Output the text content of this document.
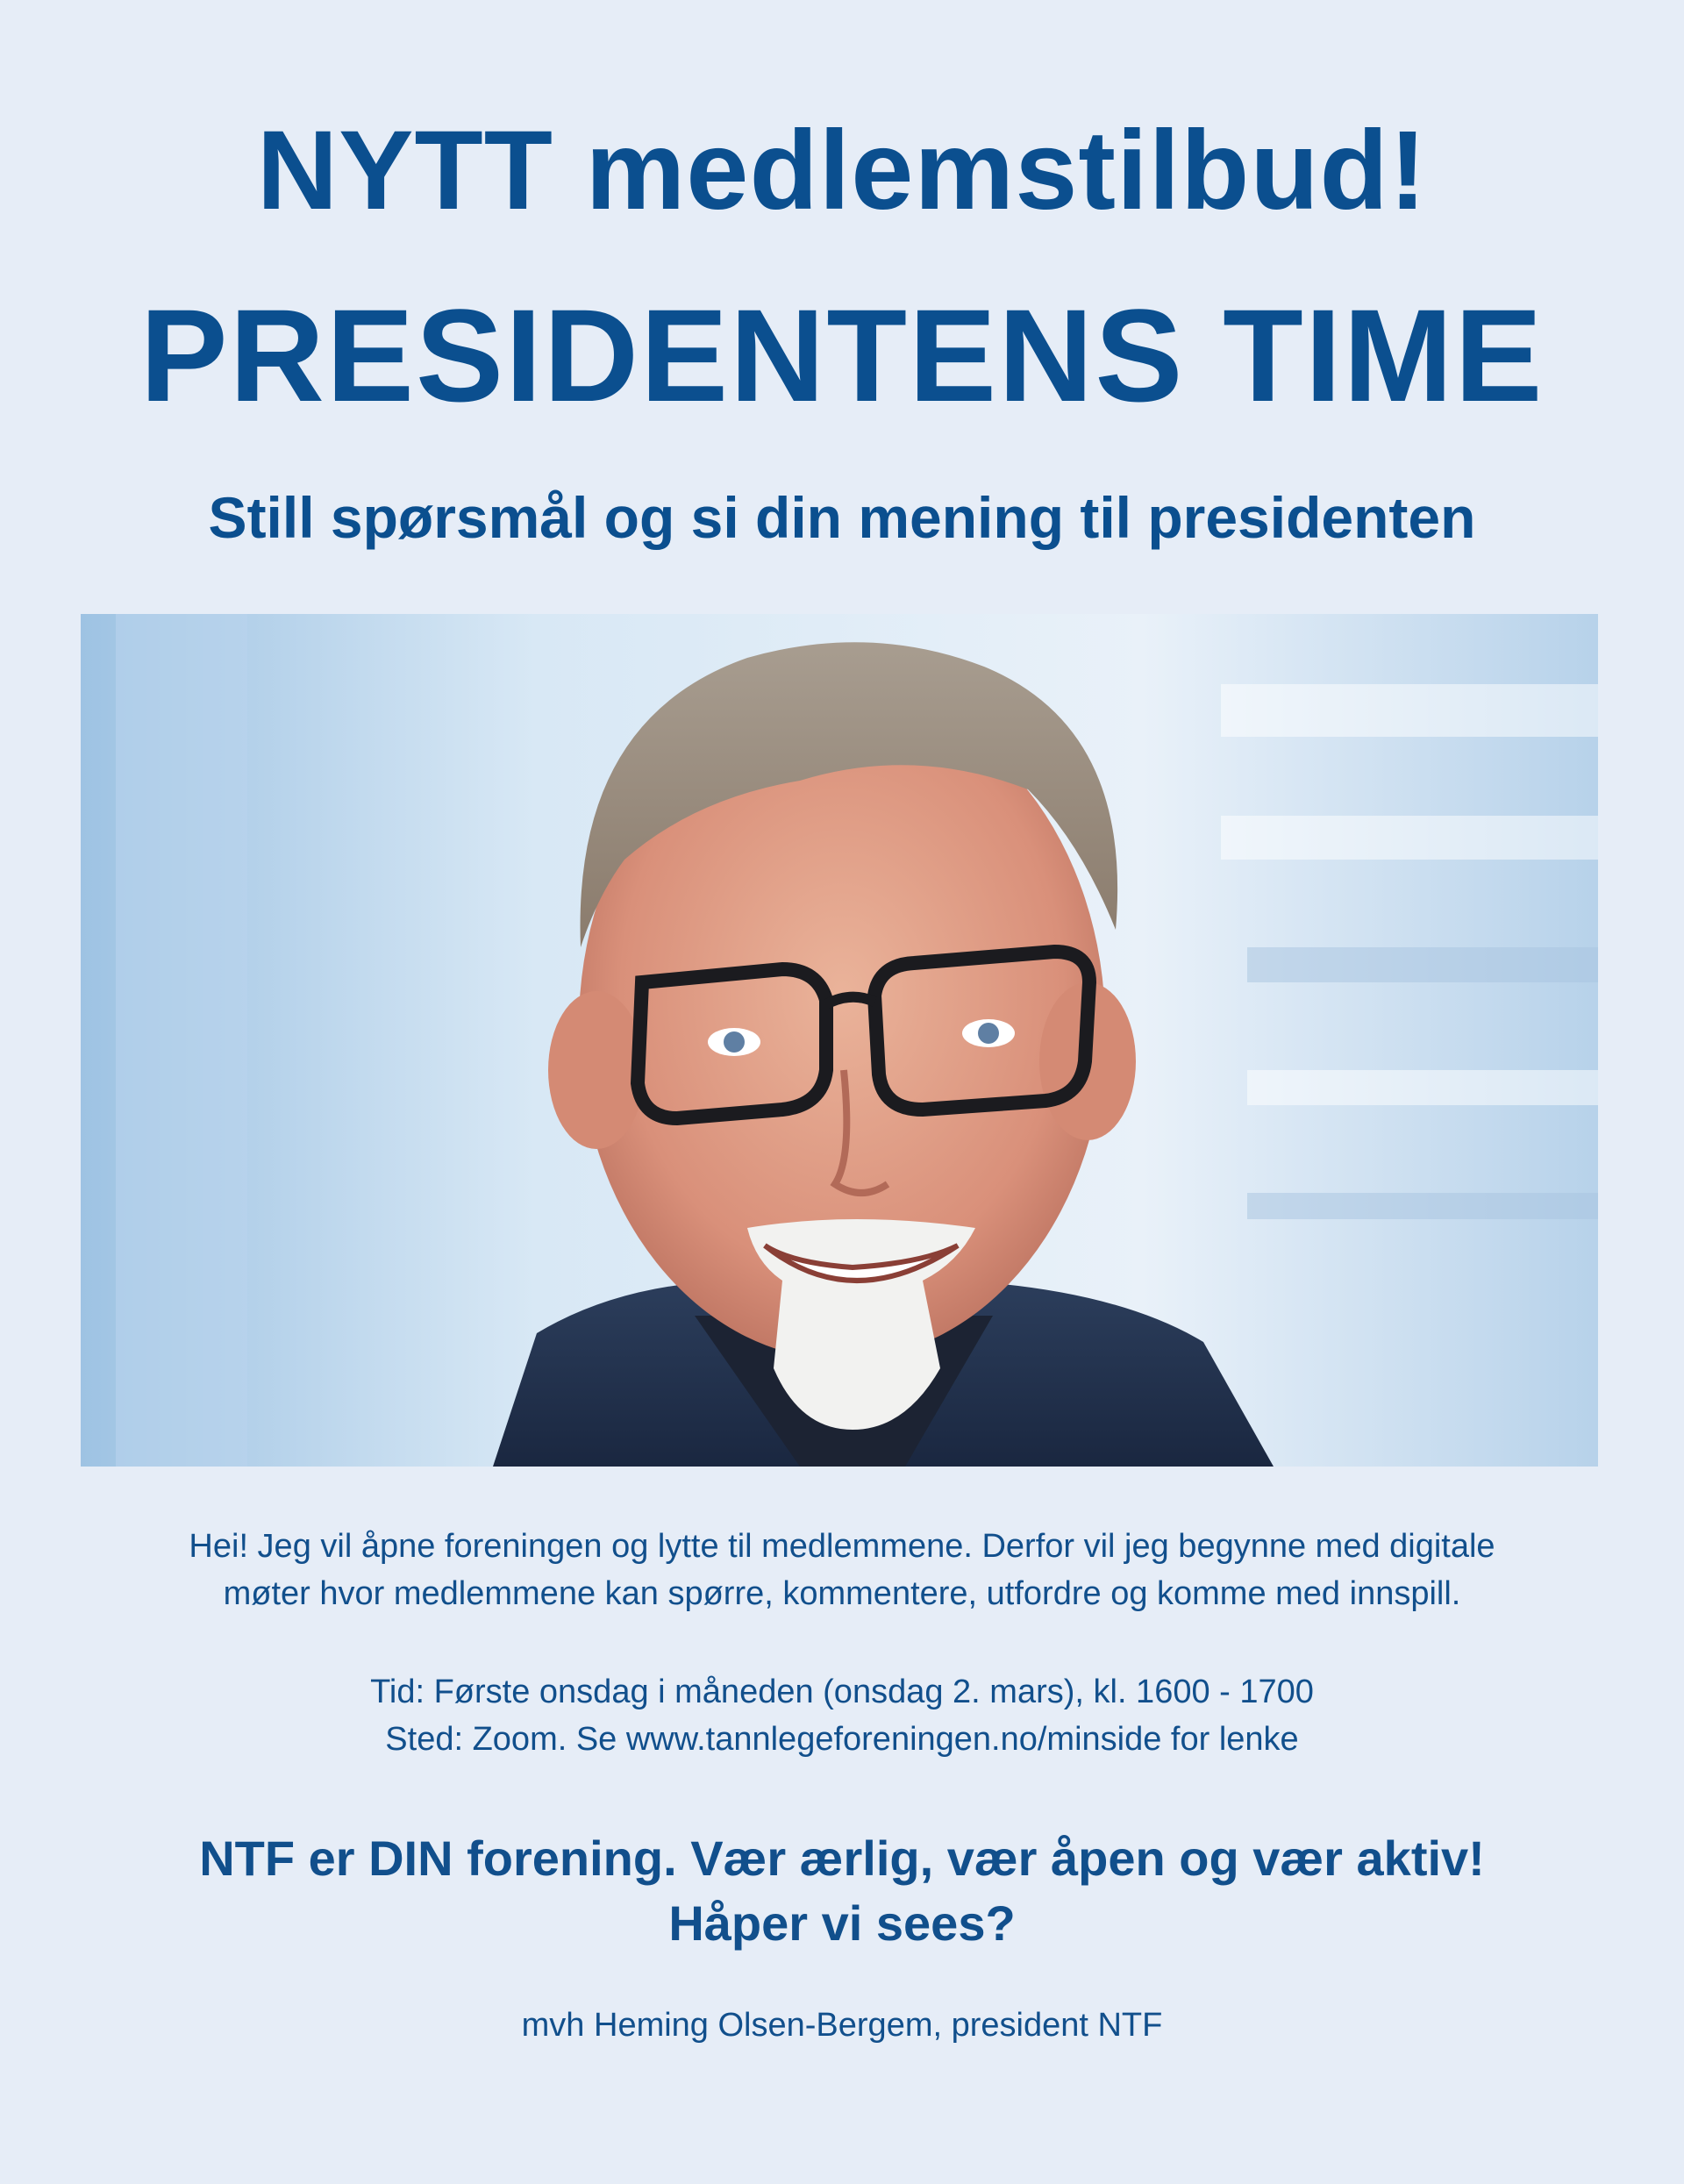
NYTT medlemstilbud!
PRESIDENTENS TIME
Still spørsmål og si din mening til presidenten

Hei! Jeg vil åpne foreningen og lytte til medlemmene. Derfor vil jeg begynne med digitale

møter hvor medlemmene kan spørre, kommentere, utfordre og komme med innspill.

Tid: Første onsdag i måneden (onsdag 2. mars), kl. 1600 - 1700

Sted: Zoom. Se www.tannlegeforeningen.no/minside for lenke

NTF er DIN forening. Vær ærlig, vær åpen og vær aktiv!

Håper vi sees?

mvh Heming Olsen-Bergem, president NTF
